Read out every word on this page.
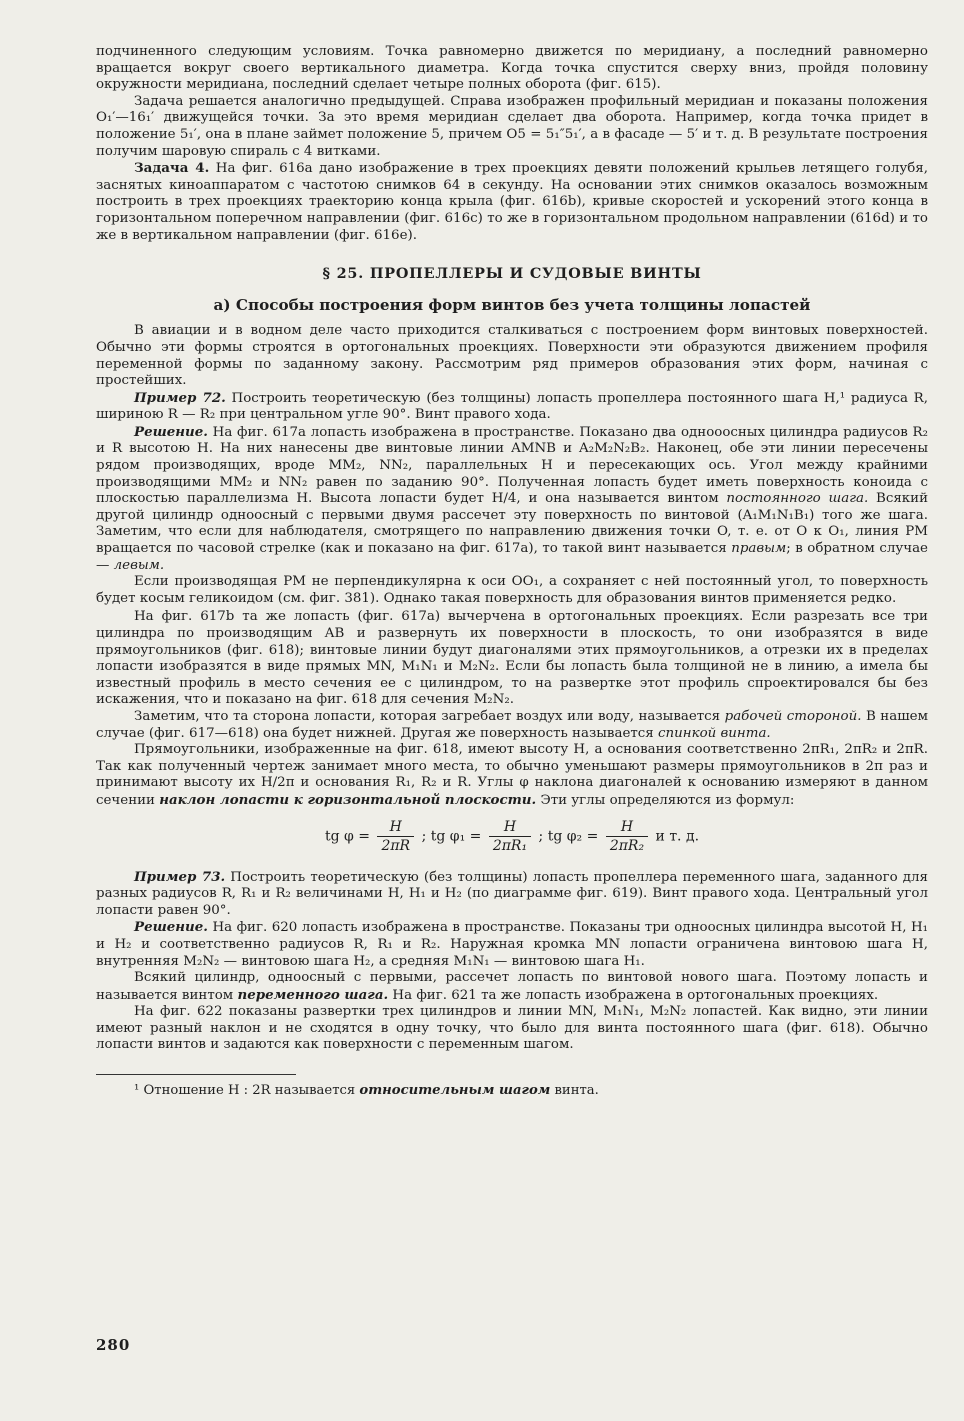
подчиненного следующим условиям. Точка равномерно движется по меридиану, а последний равномерно вращается вокруг своего вертикального диаметра. Когда точка спустится сверху вниз, пройдя половину окружности меридиана, последний сделает четыре полных оборота (фиг. 615).

Задача решается аналогично предыдущей. Справа изображен профильный меридиан и показаны положения O₁′—16₁′ движущейся точки. За это время меридиан сделает два оборота. Например, когда точка придет в положение 5₁′, она в плане займет положение 5, причем O5 = 5₁″5₁′, а в фасаде — 5′ и т. д. В результате построения получим шаровую спираль с 4 витками.

Задача 4. На фиг. 616a дано изображение в трех проекциях девяти положений крыльев летящего голубя, заснятых киноаппаратом с частотою снимков 64 в секунду. На основании этих снимков оказалось возможным построить в трех проекциях траекторию конца крыла (фиг. 616b), кривые скоростей и ускорений этого конца в горизонтальном поперечном направлении (фиг. 616c) то же в горизонтальном продольном направлении (616d) и то же в вертикальном направлении (фиг. 616e).

§ 25. ПРОПЕЛЛЕРЫ И СУДОВЫЕ ВИНТЫ
а) Способы построения форм винтов без учета толщины лопастей

В авиации и в водном деле часто приходится сталкиваться с построением форм винтовых поверхностей. Обычно эти формы строятся в ортогональных проекциях. Поверхности эти образуются движением профиля переменной формы по заданному закону. Рассмотрим ряд примеров образования этих форм, начиная с простейших.

Пример 72. Построить теоретическую (без толщины) лопасть пропеллера постоянного шага H,¹ радиуса R, шириною R — R₂ при центральном угле 90°. Винт правого хода.

Решение. На фиг. 617a лопасть изображена в пространстве. Показано два однооосных цилиндра радиусов R₂ и R высотою H. На них нанесены две винтовые линии AMNB и A₂M₂N₂B₂. Наконец, обе эти линии пересечены рядом производящих, вроде MM₂, NN₂, параллельных H и пересекающих ось. Угол между крайними производящими MM₂ и NN₂ равен по заданию 90°. Полученная лопасть будет иметь поверхность коноида с плоскостью параллелизма H. Высота лопасти будет H/4, и она называется винтом постоянного шага. Всякий другой цилиндр одноосный с первыми двумя рассечет эту поверхность по винтовой (A₁M₁N₁B₁) того же шага. Заметим, что если для наблюдателя, смотрящего по направлению движения точки O, т. е. от O к O₁, линия PM вращается по часовой стрелке (как и показано на фиг. 617a), то такой винт называется правым; в обратном случае — левым.

Если производящая PM не перпендикулярна к оси OO₁, а сохраняет с ней постоянный угол, то поверхность будет косым геликоидом (см. фиг. 381). Однако такая поверхность для образования винтов применяется редко.

На фиг. 617b та же лопасть (фиг. 617a) вычерчена в ортогональных проекциях. Если разрезать все три цилиндра по производящим AB и развернуть их поверхности в плоскость, то они изобразятся в виде прямоугольников (фиг. 618); винтовые линии будут диагоналями этих прямоугольников, а отрезки их в пределах лопасти изобразятся в виде прямых MN, M₁N₁ и M₂N₂. Если бы лопасть была толщиной не в линию, а имела бы известный профиль в место сечения ее с цилиндром, то на развертке этот профиль спроектировался бы без искажения, что и показано на фиг. 618 для сечения M₂N₂.

Заметим, что та сторона лопасти, которая загребает воздух или воду, называется рабочей стороной. В нашем случае (фиг. 617—618) она будет нижней. Другая же поверхность называется спинкой винта.

Прямоугольники, изображенные на фиг. 618, имеют высоту H, а основания соответственно 2πR₁, 2πR₂ и 2πR. Так как полученный чертеж занимает много места, то обычно уменьшают размеры прямоугольников в 2π раз и принимают высоту их H/2π и основания R₁, R₂ и R. Углы φ наклона диагоналей к основанию измеряют в данном сечении наклон лопасти к горизонтальной плоскости. Эти углы определяются из формул:

tg $\varphi = \frac{H}{2\pi R}$ ; tg $\varphi_1 = \frac{H}{\text{2πR₁}}$ ; tg $\varphi_2 = \frac{H}{\text{2πR₂}}$ и т. д.

Пример 73. Построить теоретическую (без толщины) лопасть пропеллера переменного шага, заданного для разных радиусов R, R₁ и R₂ величинами H, H₁ и H₂ (по диаграмме фиг. 619). Винт правого хода. Центральный угол лопасти равен 90°.

Решение. На фиг. 620 лопасть изображена в пространстве. Показаны три одноосных цилиндра высотой H, H₁ и H₂ и соответственно радиусов R, R₁ и R₂. Наружная кромка MN лопасти ограничена винтовою шага H, внутренняя M₂N₂ — винтовою шага H₂, а средняя M₁N₁ — винтовою шага H₁.

Всякий цилиндр, одноосный с первыми, рассечет лопасть по винтовой нового шага. Поэтому лопасть и называется винтом переменного шага. На фиг. 621 та же лопасть изображена в ортогональных проекциях.

На фиг. 622 показаны развертки трех цилиндров и линии MN, M₁N₁, M₂N₂ лопастей. Как видно, эти линии имеют разный наклон и не сходятся в одну точку, что было для винта постоянного шага (фиг. 618). Обычно лопасти винтов и задаются как поверхности с переменным шагом.

¹ Отношение H : 2R называется относительным шагом винта.

280
